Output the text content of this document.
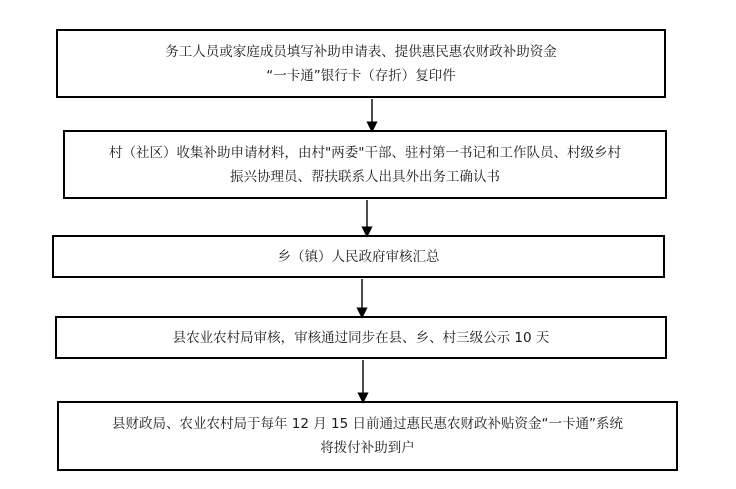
务工人员或家庭成员填写补助申请表、提供惠民惠农财政补助资金
“一卡通”银行卡（存折）复印件
村（社区）收集补助申请材料，由村"两委"干部、驻村第一书记和工作队员、村级乡村
振兴协理员、帮扶联系人出具外出务工确认书
乡（镇）人民政府审核汇总
县农业农村局审核，审核通过同步在县、乡、村三级公示 10 天
县财政局、农业农村局于每年 12 月 15 日前通过惠民惠农财政补贴资金“一卡通”系统
将拨付补助到户
